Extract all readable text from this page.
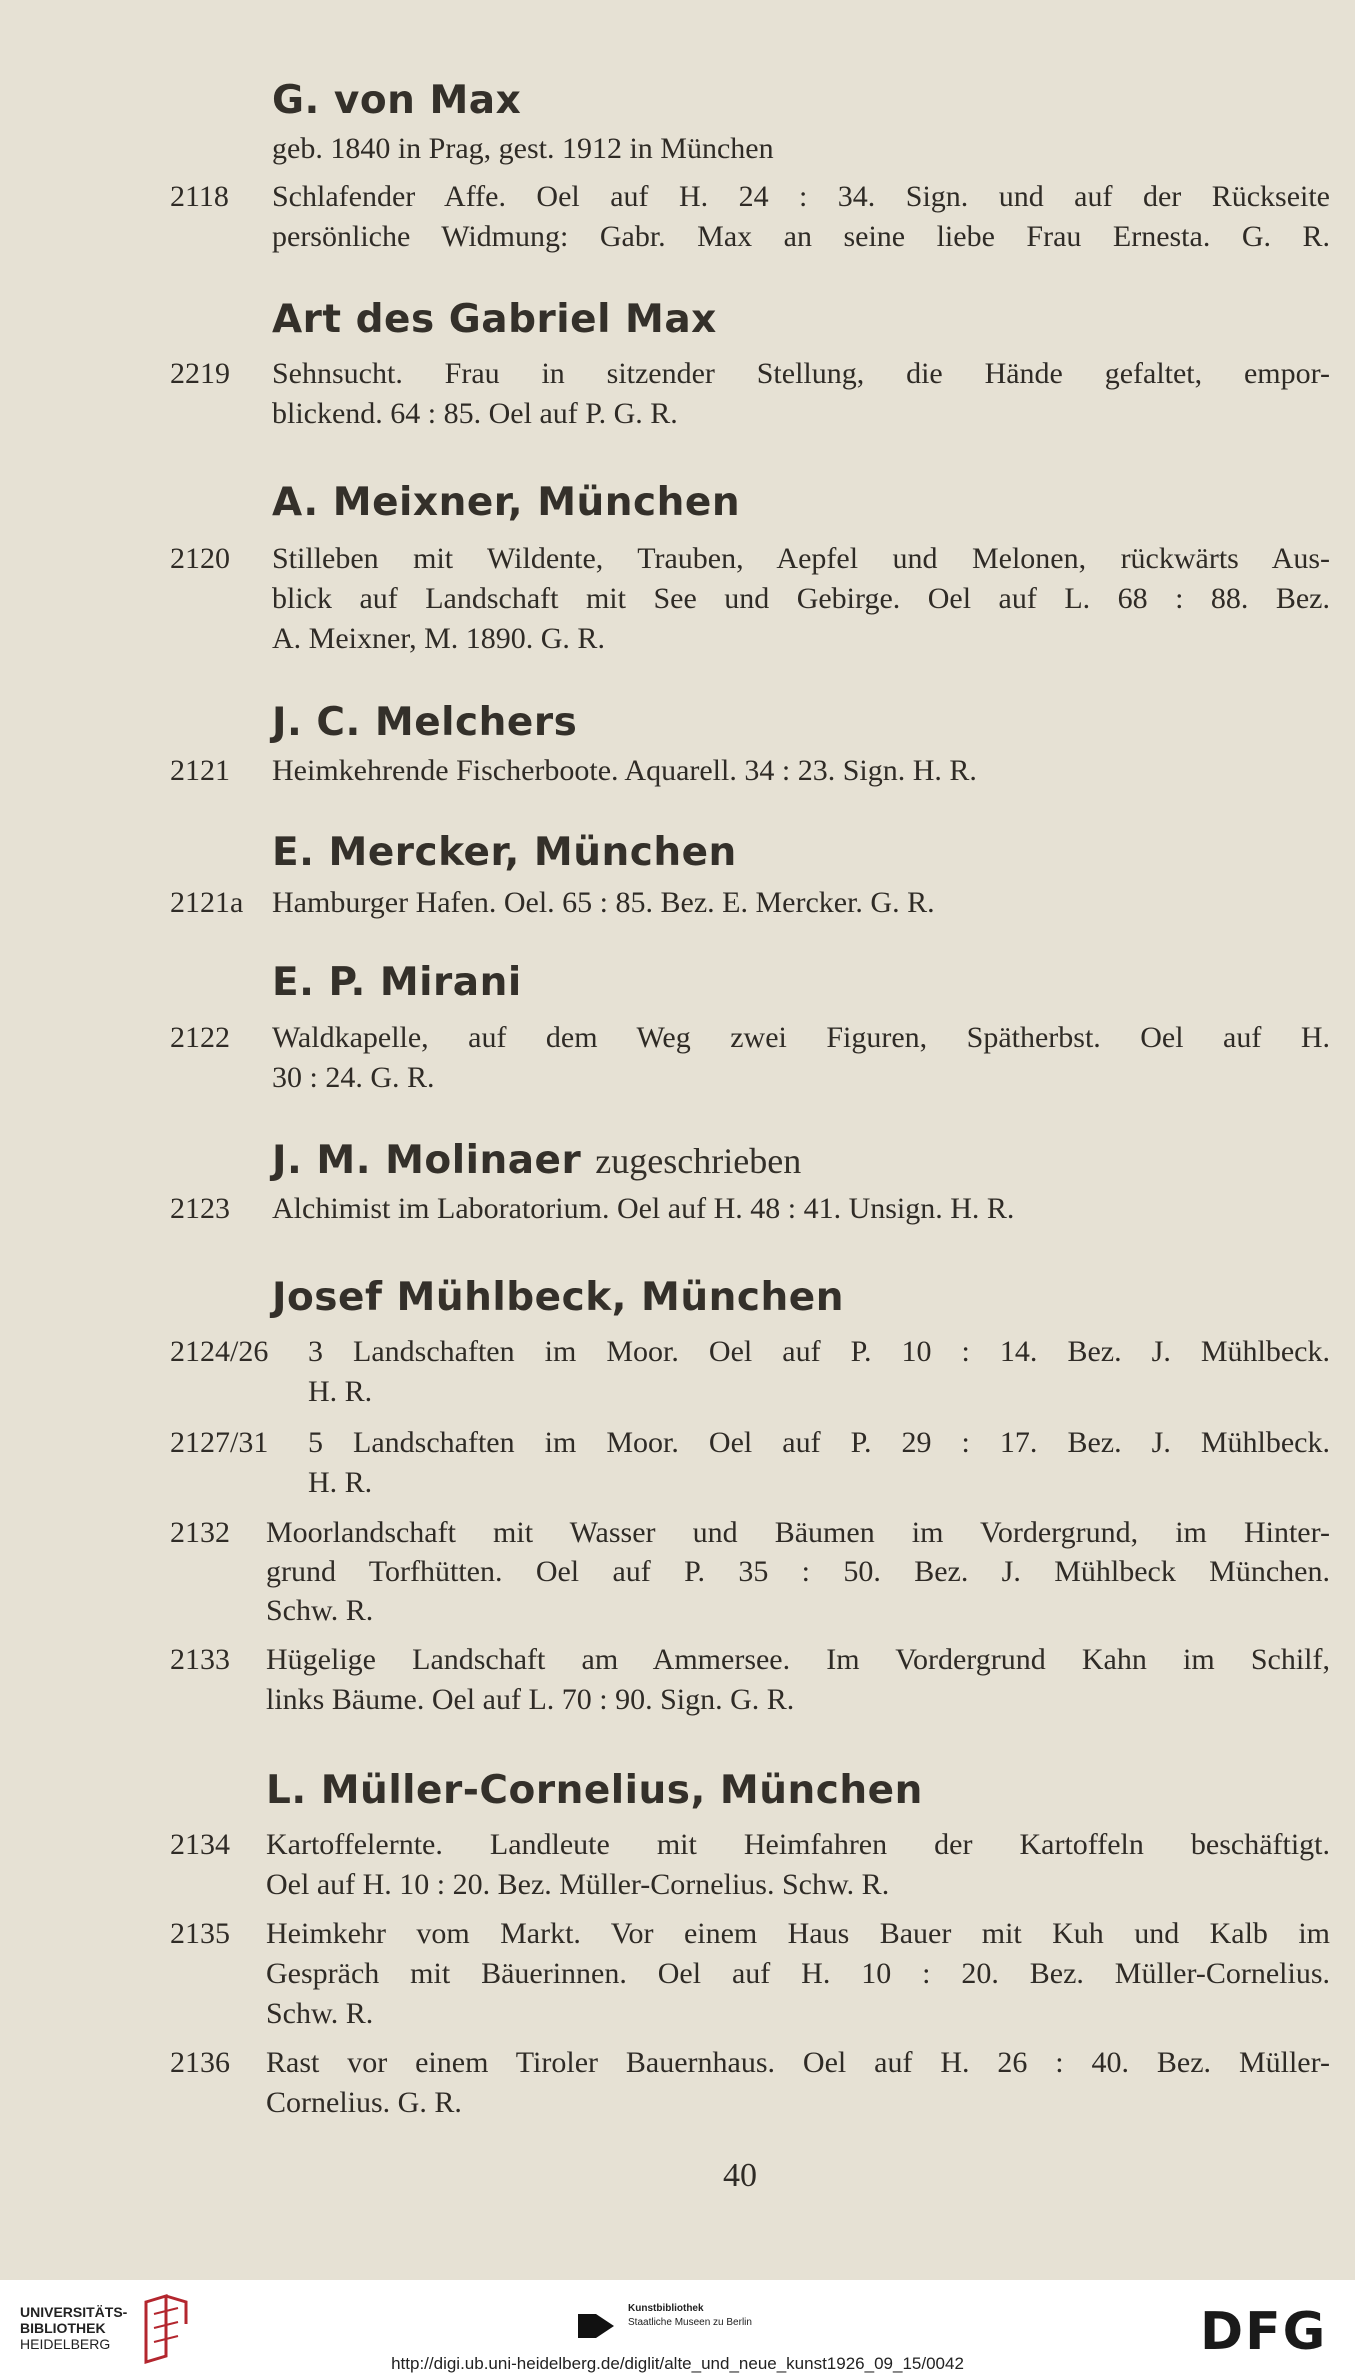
G. von Max
geb. 1840 in Prag, gest. 1912 in München
2118 Schlafender Affe. Oel auf H. 24 : 34. Sign. und auf der Rückseite
persönliche Widmung: Gabr. Max an seine liebe Frau Ernesta. G. R.
Art des Gabriel Max
2219 Sehnsucht. Frau in sitzender Stellung, die Hände gefaltet, empor-
blickend. 64 : 85. Oel auf P. G. R.
A. Meixner, München
2120 Stilleben mit Wildente, Trauben, Aepfel und Melonen, rückwärts Aus-
blick auf Landschaft mit See und Gebirge. Oel auf L. 68 : 88. Bez.
A. Meixner, M. 1890. G. R.
J. C. Melchers
2121 Heimkehrende Fischerboote. Aquarell. 34 : 23. Sign. H. R.
E. Mercker, München
2121a Hamburger Hafen. Oel. 65 : 85. Bez. E. Mercker. G. R.
E. P. Mirani
2122 Waldkapelle, auf dem Weg zwei Figuren, Spätherbst. Oel auf H.
30 : 24. G. R.
J. M. Molinaer zugeschrieben
2123 Alchimist im Laboratorium. Oel auf H. 48 : 41. Unsign. H. R.
Josef Mühlbeck, München
2124/26 3 Landschaften im Moor. Oel auf P. 10 : 14. Bez. J. Mühlbeck.
H. R.
2127/31 5 Landschaften im Moor. Oel auf P. 29 : 17. Bez. J. Mühlbeck.
H. R.
2132 Moorlandschaft mit Wasser und Bäumen im Vordergrund, im Hinter-
grund Torfhütten. Oel auf P. 35 : 50. Bez. J. Mühlbeck München.
Schw. R.
2133 Hügelige Landschaft am Ammersee. Im Vordergrund Kahn im Schilf,
links Bäume. Oel auf L. 70 : 90. Sign. G. R.
L. Müller-Cornelius, München
2134 Kartoffelernte. Landleute mit Heimfahren der Kartoffeln beschäftigt.
Oel auf H. 10 : 20. Bez. Müller-Cornelius. Schw. R.
2135 Heimkehr vom Markt. Vor einem Haus Bauer mit Kuh und Kalb im
Gespräch mit Bäuerinnen. Oel auf H. 10 : 20. Bez. Müller-Cornelius.
Schw. R.
2136 Rast vor einem Tiroler Bauernhaus. Oel auf H. 26 : 40. Bez. Müller-
Cornelius. G. R.
40
UNIVERSITÄTS-
BIBLIOTHEK
HEIDELBERG
Kunstbibliothek
Staatliche Museen zu Berlin	DFG
http://digi.ub.uni-heidelberg.de/diglit/alte_und_neue_kunst1926_09_15/0042
